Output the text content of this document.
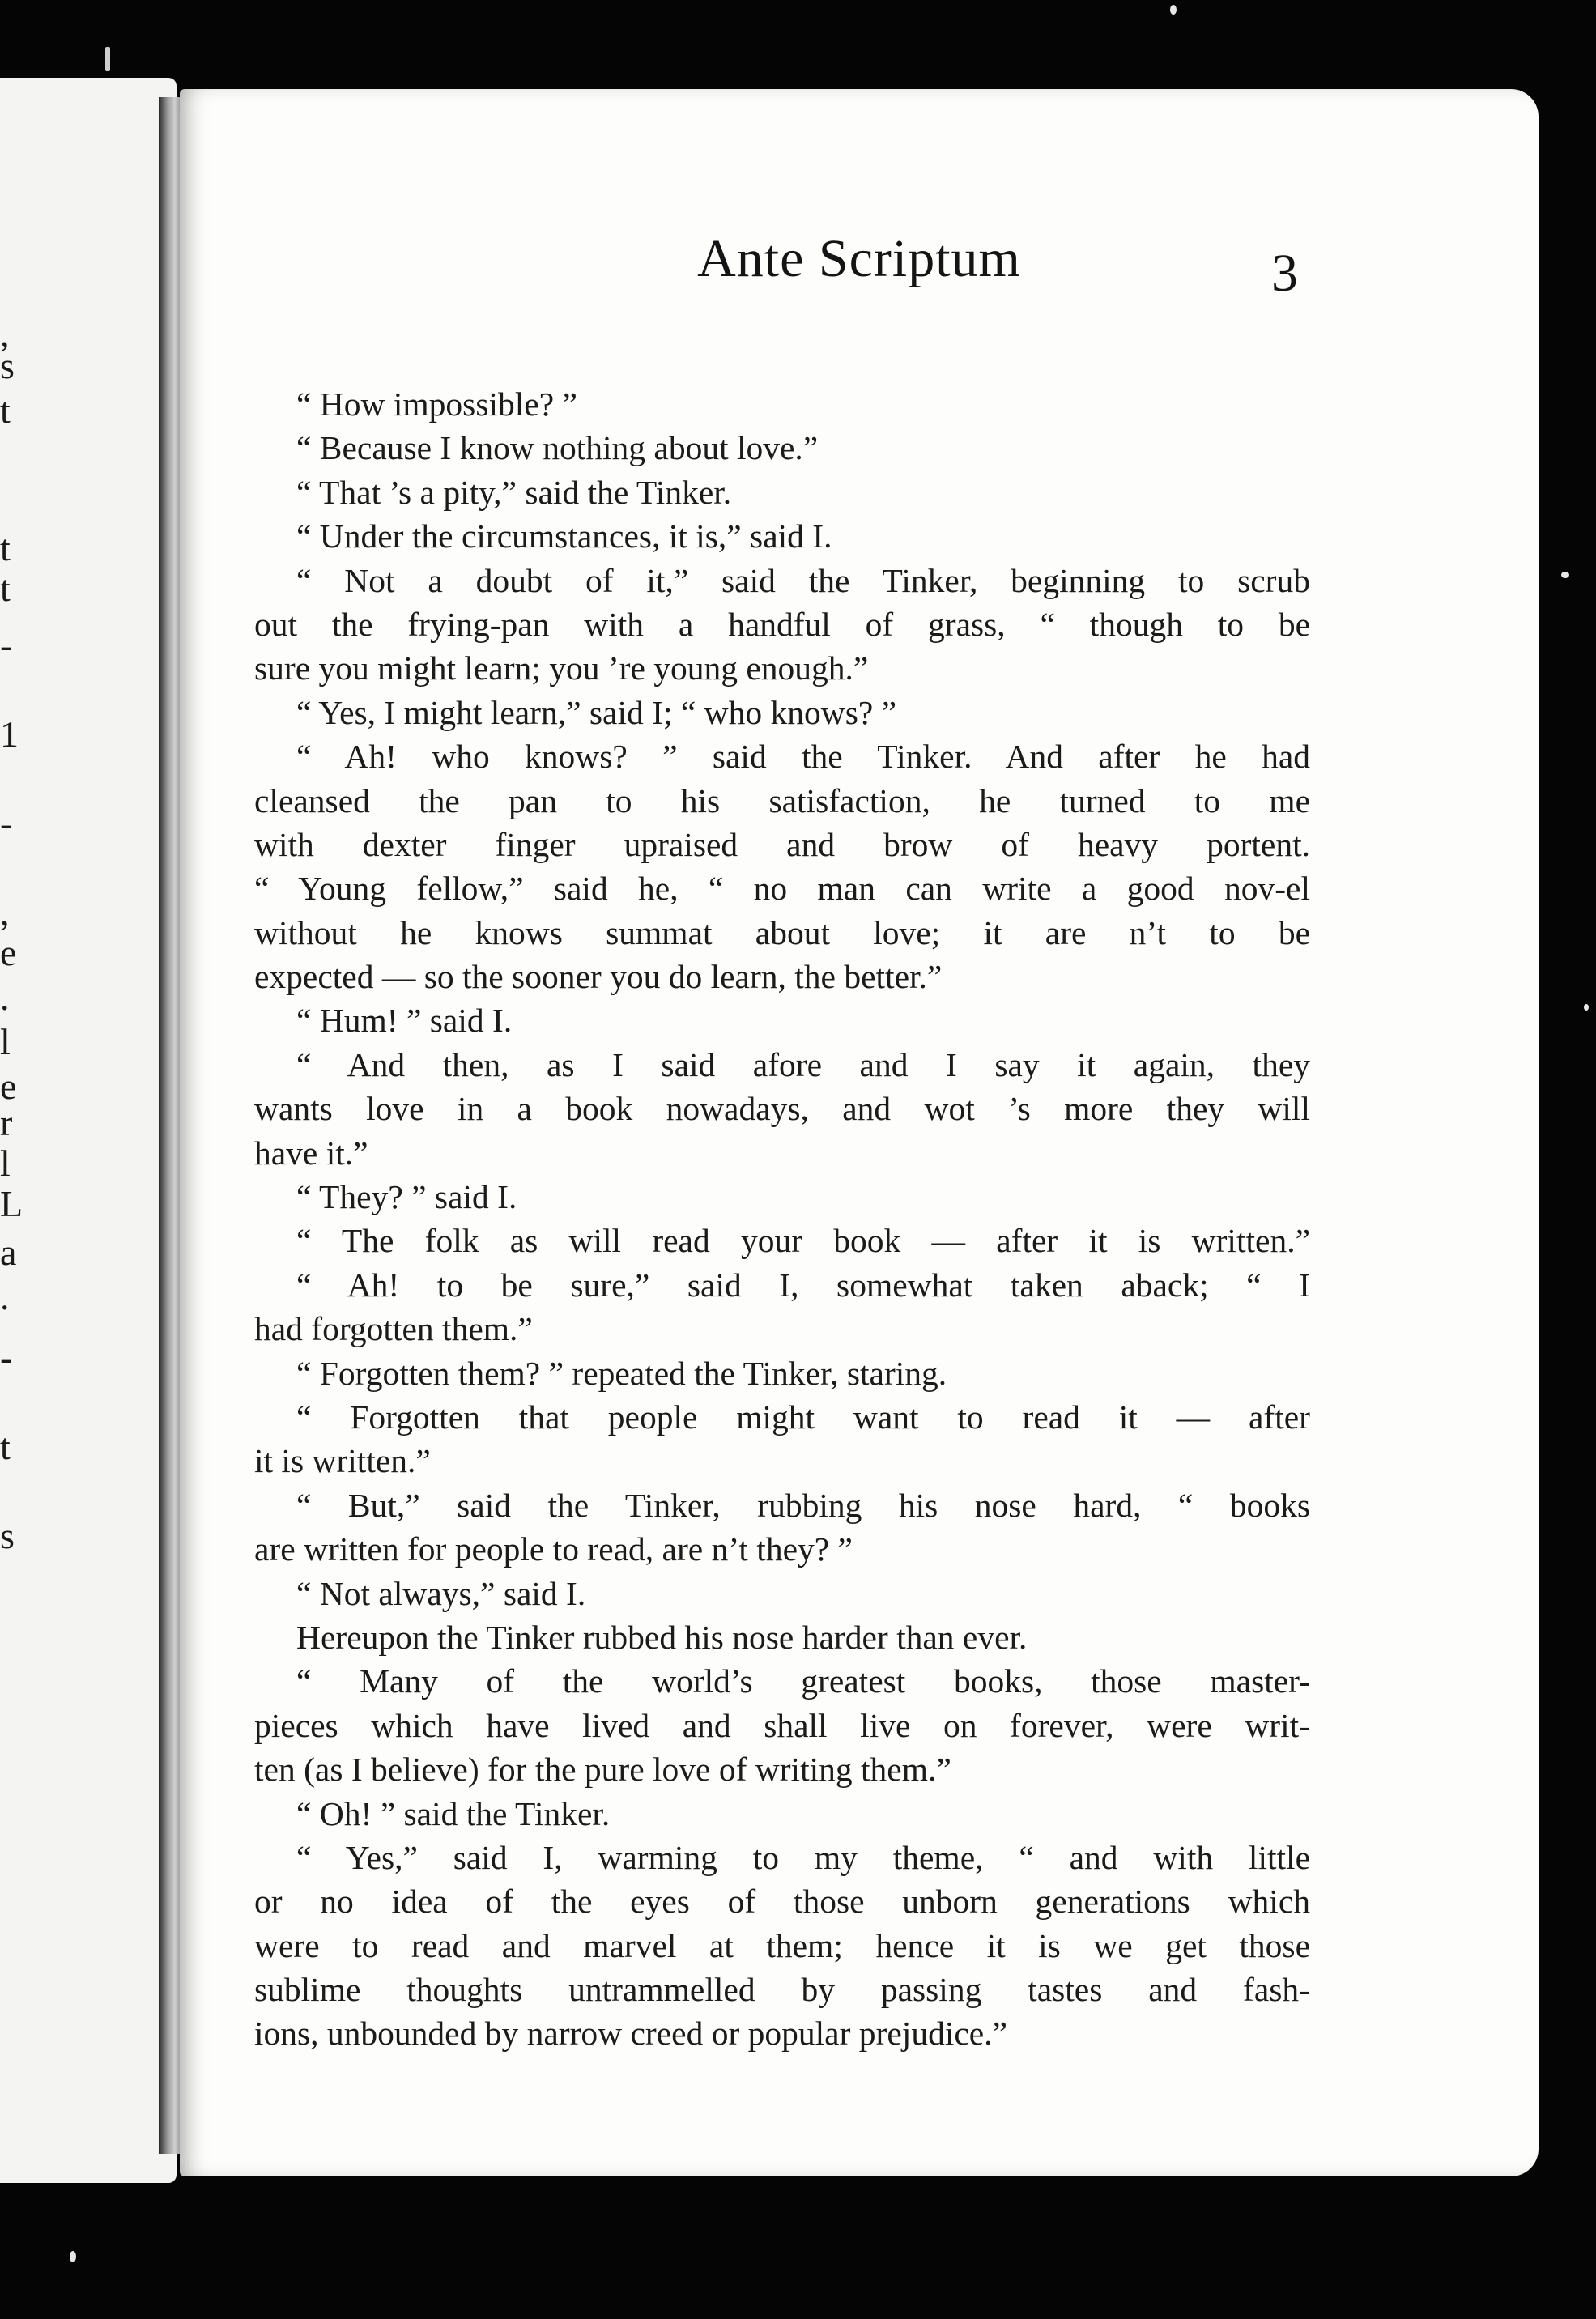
,
s
t
t
t
-
1
-
,
e
.
l
e
r
l
L
a
.
-
t
s
Ante Scriptum	3
“ How impossible? ”
“ Because I know nothing about love.”
“ That ’s a pity,” said the Tinker.
“ Under the circumstances, it is,” said I.
“ Not a doubt of it,” said the Tinker, beginning to scrub
out the frying-pan with a handful of grass, “ though to be
sure you might learn; you ’re young enough.”
“ Yes, I might learn,” said I; “ who knows? ”
“ Ah! who knows? ” said the Tinker. And after he had
cleansed the pan to his satisfaction, he turned to me
with dexter finger upraised and brow of heavy portent.
“ Young fellow,” said he, “ no man can write a good nov-el
without he knows summat about love; it are n’t to be
expected — so the sooner you do learn, the better.”
“ Hum! ” said I.
“ And then, as I said afore and I say it again, they
wants love in a book nowadays, and wot ’s more they will
have it.”
“ They? ” said I.
“ The folk as will read your book — after it is written.”
“ Ah! to be sure,” said I, somewhat taken aback; “ I
had forgotten them.”
“ Forgotten them? ” repeated the Tinker, staring.
“ Forgotten that people might want to read it — after
it is written.”
“ But,” said the Tinker, rubbing his nose hard, “ books
are written for people to read, are n’t they? ”
“ Not always,” said I.
Hereupon the Tinker rubbed his nose harder than ever.
“ Many of the world’s greatest books, those master-
pieces which have lived and shall live on forever, were writ-
ten (as I believe) for the pure love of writing them.”
“ Oh! ” said the Tinker.
“ Yes,” said I, warming to my theme, “ and with little
or no idea of the eyes of those unborn generations which
were to read and marvel at them; hence it is we get those
sublime thoughts untrammelled by passing tastes and fash-
ions, unbounded by narrow creed or popular prejudice.”
